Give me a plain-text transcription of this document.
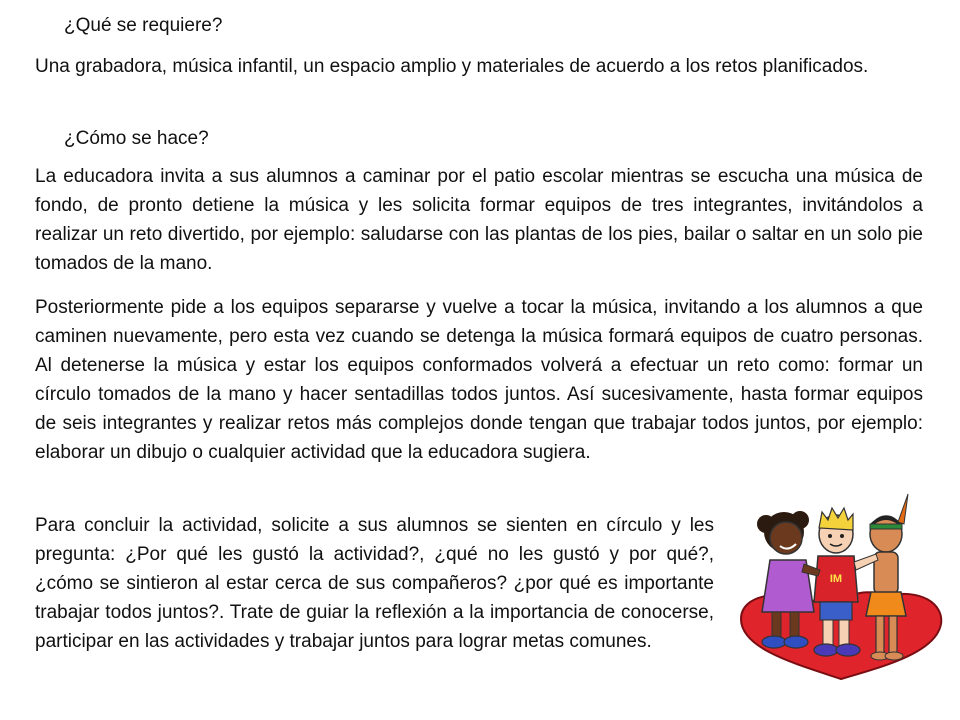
¿Qué se requiere?

Una grabadora, música infantil, un espacio amplio y materiales de acuerdo a los retos planificados.

¿Cómo se hace?

La educadora invita a sus alumnos a caminar por el patio escolar mientras se escucha una música de fondo, de pronto detiene la música y les solicita formar equipos de tres integrantes, invitándolos a realizar un reto divertido, por ejemplo: saludarse con las plantas de los pies, bailar o saltar en un solo pie tomados de la mano.

Posteriormente pide a los equipos separarse y vuelve a tocar la música, invitando a los alumnos a que caminen nuevamente, pero esta vez cuando se detenga la música formará equipos de cuatro personas. Al detenerse la música y estar los equipos conformados volverá a efectuar un reto como: formar un círculo tomados de la mano y hacer sentadillas todos juntos. Así sucesivamente, hasta formar equipos de seis integrantes y realizar retos más complejos donde tengan que trabajar todos juntos, por ejemplo: elaborar un dibujo o cualquier actividad que la educadora sugiera.

Para concluir la actividad, solicite a sus alumnos se sienten en círculo y les pregunta: ¿Por qué les gustó la actividad?, ¿qué no les gustó y por qué?, ¿cómo se sintieron al estar cerca de sus compañeros? ¿por qué es importante trabajar todos juntos?. Trate de guiar la reflexión a la importancia de conocerse, participar en las actividades y trabajar juntos para lograr metas comunes.

IM
